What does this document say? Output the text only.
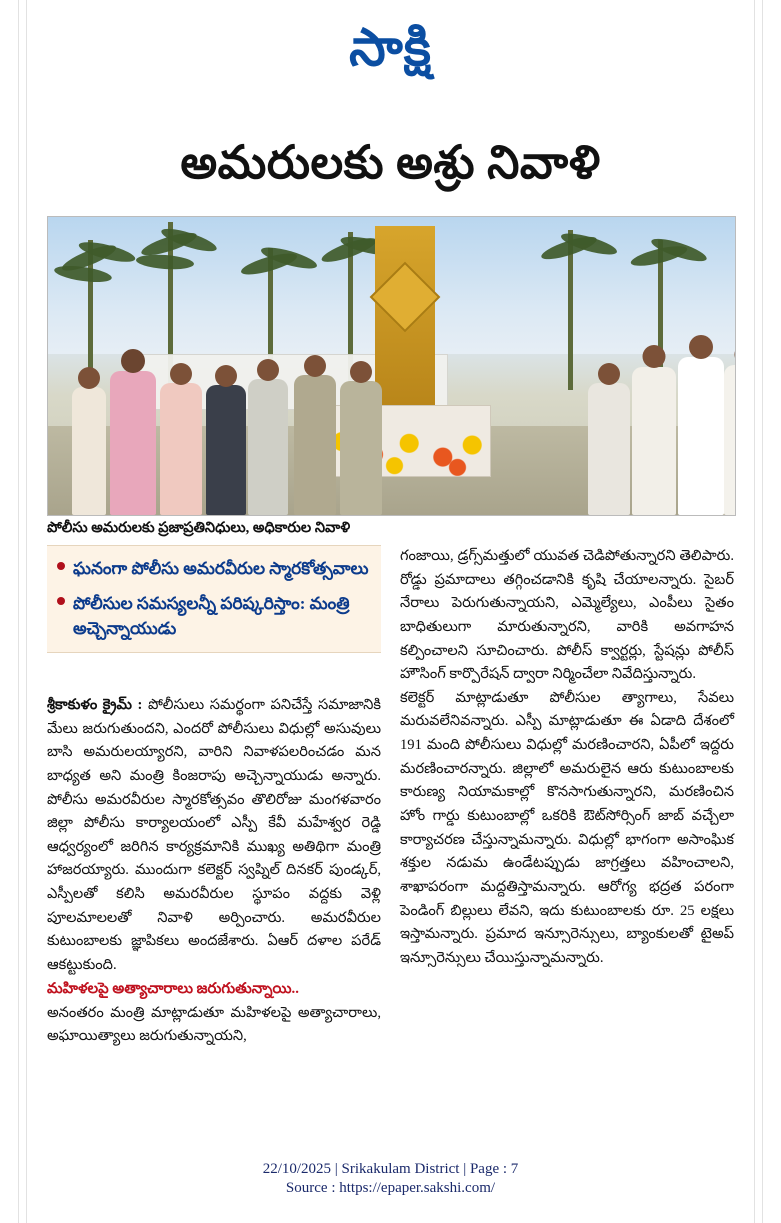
సాక్షి
అమరులకు అశ్రు నివాళి
పోలీసు అమరులకు ప్రజాప్రతినిధులు, అధికారుల నివాళి
ఘనంగా పోలీసు అమరవీరుల స్మారకోత్సవాలు
పోలీసుల సమస్యలన్నీ పరిష్కరిస్తాం: మంత్రి అచ్చెన్నాయుడు

శ్రీకాకుళం క్రైమ్ : పోలీసులు సమర్థంగా పనిచేస్తే సమాజానికి మేలు జరుగుతుందని, ఎందరో పోలీసులు విధుల్లో అసువులు బాసి అమరులయ్యారని, వారిని నివాళపలరించడం మన బాధ్యత అని మంత్రి కింజరాపు అచ్చెన్నాయుడు అన్నారు. పోలీసు అమరవీరుల స్మారకోత్సవం తొలిరోజు మంగళవారం జిల్లా పోలీసు కార్యాలయంలో ఎస్పీ కేవీ మహేశ్వర రెడ్డి ఆధ్వర్యంలో జరిగిన కార్యక్రమానికి ముఖ్య అతిథిగా మంత్రి హాజరయ్యారు. ముందుగా కలెక్టర్ స్వప్నిల్ దినకర్ పుండ్కర్, ఎస్పీలతో కలిసి అమరవీరుల స్థూపం వద్దకు వెళ్లి పూలమాలలతో నివాళి అర్పించారు. అమరవీరుల కుటుంబాలకు జ్ఞాపికలు అందజేశారు. ఏఆర్ దళాల పరేడ్ ఆకట్టుకుంది.

మహిళలపై అత్యాచారాలు జరుగుతున్నాయి..

అనంతరం మంత్రి మాట్లాడుతూ మహిళలపై అత్యాచారాలు, అఘాయిత్యాలు జరుగుతున్నాయని,

గంజాయి, డ్రగ్స్‌మత్తులో యువత చెడిపోతున్నారని తెలిపారు. రోడ్డు ప్రమాదాలు తగ్గించడానికి కృషి చేయాలన్నారు. సైబర్ నేరాలు పెరుగుతున్నాయని, ఎమ్మెల్యేలు, ఎంపీలు సైతం బాధితులుగా మారుతున్నారని, వారికి అవగాహన కల్పించాలని సూచించారు. పోలీస్ క్వార్టర్లు, స్టేషన్లు పోలీస్ హౌసింగ్ కార్పొరేషన్ ద్వారా నిర్మించేలా నివేదిస్తున్నారు.

కలెక్టర్ మాట్లాడుతూ పోలీసుల త్యాగాలు, సేవలు మరువలేనివన్నారు. ఎస్పీ మాట్లాడుతూ ఈ ఏడాది దేశంలో 191 మంది పోలీసులు విధుల్లో మరణించారని, ఏపీలో ఇద్దరు మరణించారన్నారు. జిల్లాలో అమరులైన ఆరు కుటుంబాలకు కారుణ్య నియామకాల్లో కొనసాగుతున్నారని, మరణించిన హోం గార్డు కుటుంబాల్లో ఒకరికి ఔట్‌సోర్సింగ్ జాబ్ వచ్చేలా కార్యాచరణ చేస్తున్నామన్నారు. విధుల్లో భాగంగా అసాంఘిక శక్తుల నడుమ ఉండేటప్పుడు జాగ్రత్తలు వహించాలని, శాఖాపరంగా మద్దతిస్తామన్నారు. ఆరోగ్య భద్రత పరంగా పెండింగ్ బిల్లులు లేవని, ఇదు కుటుంబాలకు రూ. 25 లక్షలు ఇస్తామన్నారు. ప్రమాద ఇన్సూరెన్సులు, బ్యాంకులతో టైఅప్ ఇన్సూరెన్సులు చేయిస్తున్నామన్నారు.

22/10/2025 | Srikakulam District | Page : 7
Source : https://epaper.sakshi.com/
